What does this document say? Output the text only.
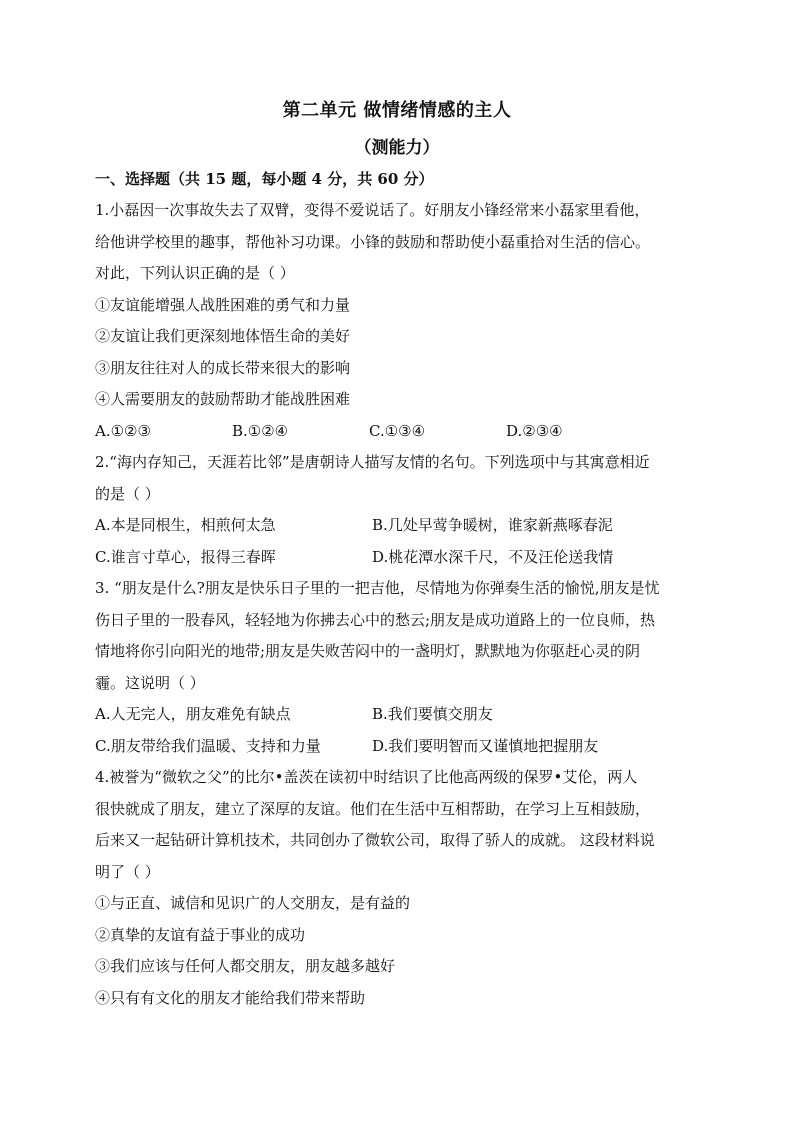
第二单元 做情绪情感的主人
（测能力）
一、选择题（共 15 题，每小题 4 分，共 60 分）
1.小磊因一次事故失去了双臂，变得不爱说话了。好朋友小锋经常来小磊家里看他，
给他讲学校里的趣事，帮他补习功课。小锋的鼓励和帮助使小磊重拾对生活的信心。
对此，下列认识正确的是（ ）
①友谊能增强人战胜困难的勇气和力量
②友谊让我们更深刻地体悟生命的美好
③朋友往往对人的成长带来很大的影响
④人需要朋友的鼓励帮助才能战胜困难
A.①②③	B.①②④	C.①③④	D.②③④
2.“海内存知己，天涯若比邻”是唐朝诗人描写友情的名句。下列选项中与其寓意相近
的是（ ）
A.本是同根生，相煎何太急	B.几处早莺争暖树，谁家新燕啄春泥
C.谁言寸草心，报得三春晖	D.桃花潭水深千尺，不及汪伦送我情
3. “朋友是什么?朋友是快乐日子里的一把吉他，尽情地为你弹奏生活的愉悦,朋友是忧
伤日子里的一股春风，轻轻地为你拂去心中的愁云;朋友是成功道路上的一位良师，热
情地将你引向阳光的地带;朋友是失败苦闷中的一盏明灯，默默地为你驱赶心灵的阴
霾。这说明（ ）
A.人无完人，朋友难免有缺点	B.我们要慎交朋友
C.朋友带给我们温暖、支持和力量	D.我们要明智而又谨慎地把握朋友
4.被誉为“微软之父”的比尔•盖茨在读初中时结识了比他高两级的保罗•艾伦，两人
很快就成了朋友，建立了深厚的友谊。他们在生活中互相帮助，在学习上互相鼓励，
后来又一起钻研计算机技术，共同创办了微软公司，取得了骄人的成就。 这段材料说
明了（ ）
①与正直、诚信和见识广的人交朋友，是有益的
②真挚的友谊有益于事业的成功
③我们应该与任何人都交朋友，朋友越多越好
④只有有文化的朋友才能给我们带来帮助
